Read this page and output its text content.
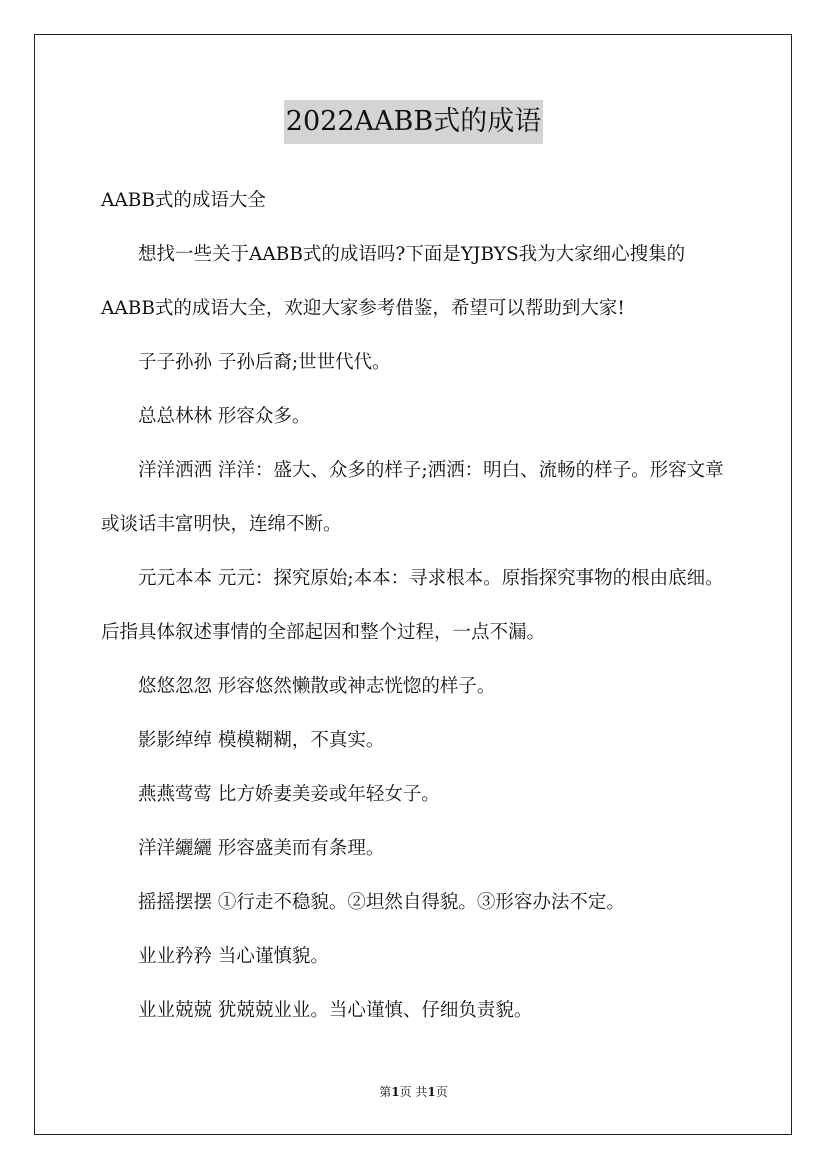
2022AABB式的成语

AABB式的成语大全

想找一些关于AABB式的成语吗?下面是YJBYS我为大家细心搜集的AABB式的成语大全，欢迎大家参考借鉴，希望可以帮助到大家!

子子孙孙 子孙后裔;世世代代。

总总林林 形容众多。

洋洋洒洒 洋洋：盛大、众多的样子;洒洒：明白、流畅的样子。形容文章或谈话丰富明快，连绵不断。

元元本本 元元：探究原始;本本：寻求根本。原指探究事物的根由底细。后指具体叙述事情的全部起因和整个过程，一点不漏。

悠悠忽忽 形容悠然懒散或神志恍惚的样子。

影影绰绰 模模糊糊，不真实。

燕燕莺莺 比方娇妻美妾或年轻女子。

洋洋纚纚 形容盛美而有条理。

摇摇摆摆 ①行走不稳貌。②坦然自得貌。③形容办法不定。

业业矜矜 当心谨慎貌。

业业兢兢 犹兢兢业业。当心谨慎、仔细负责貌。

第1页 共1页
